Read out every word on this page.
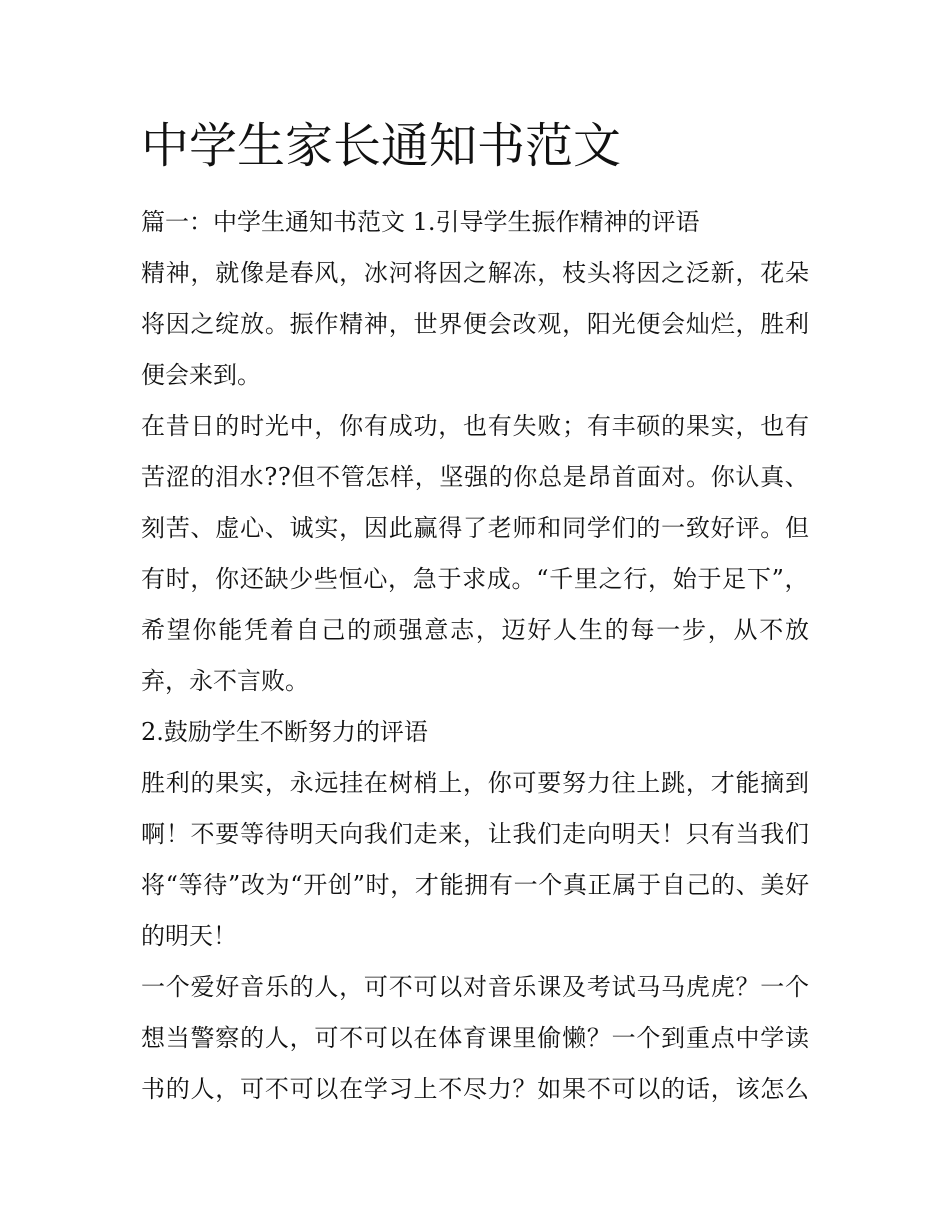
中学生家长通知书范文

篇一：中学生通知书范文 1.引导学生振作精神的评语

精神，就像是春风，冰河将因之解冻，枝头将因之泛新，花朵

将因之绽放。振作精神，世界便会改观，阳光便会灿烂，胜利

便会来到。

在昔日的时光中，你有成功，也有失败；有丰硕的果实，也有

苦涩的泪水??但不管怎样，坚强的你总是昂首面对。你认真、

刻苦、虚心、诚实，因此赢得了老师和同学们的一致好评。但

有时，你还缺少些恒心，急于求成。“千里之行，始于足下”，

希望你能凭着自己的顽强意志，迈好人生的每一步，从不放

弃，永不言败。

2.鼓励学生不断努力的评语

胜利的果实，永远挂在树梢上，你可要努力往上跳，才能摘到

啊！不要等待明天向我们走来，让我们走向明天！只有当我们

将“等待”改为“开创”时，才能拥有一个真正属于自己的、美好

的明天！

一个爱好音乐的人，可不可以对音乐课及考试马马虎虎？一个

想当警察的人，可不可以在体育课里偷懒？一个到重点中学读

书的人，可不可以在学习上不尽力？如果不可以的话，该怎么
